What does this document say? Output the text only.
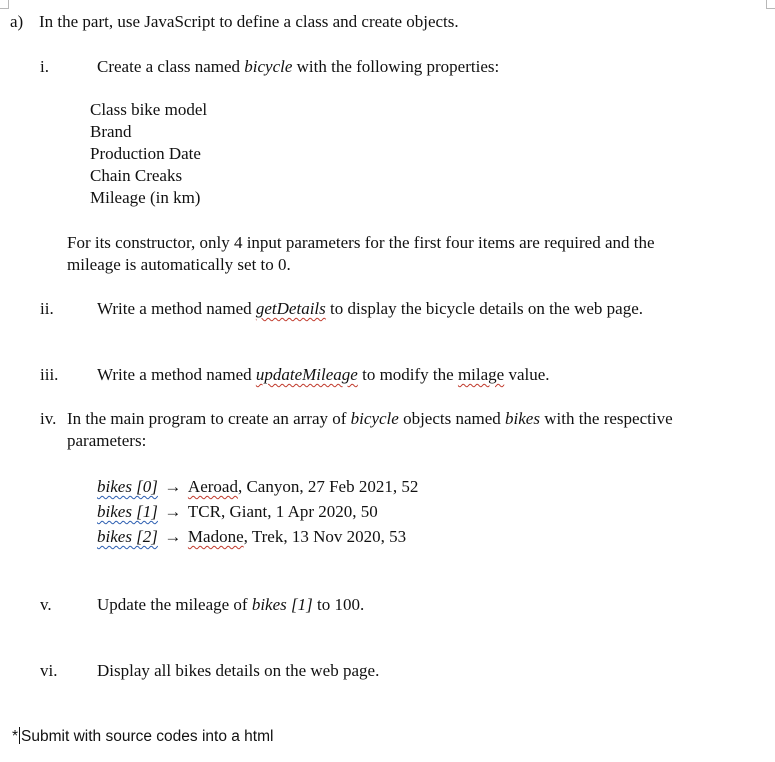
a) In the part, use JavaScript to define a class and create objects.
i.	Create a class named bicycle with the following properties:
Class bike model
Brand
Production Date
Chain Creaks
Mileage (in km)
For its constructor, only 4 input parameters for the first four items are required and the
mileage is automatically set to 0.
ii.	Write a method named getDetails to display the bicycle details on the web page.
iii. Write a method named updateMileage to modify the milage value.
iv. In the main program to create an array of bicycle objects named bikes with the respective
parameters:
bikes [0] → Aeroad, Canyon, 27 Feb 2021, 52
bikes [1] → TCR, Giant, 1 Apr 2020, 50
bikes [2] → Madone, Trek, 13 Nov 2020, 53
v.	Update the mileage of bikes [1] to 100.
vi. Display all bikes details on the web page.
* Submit with source codes into a html
